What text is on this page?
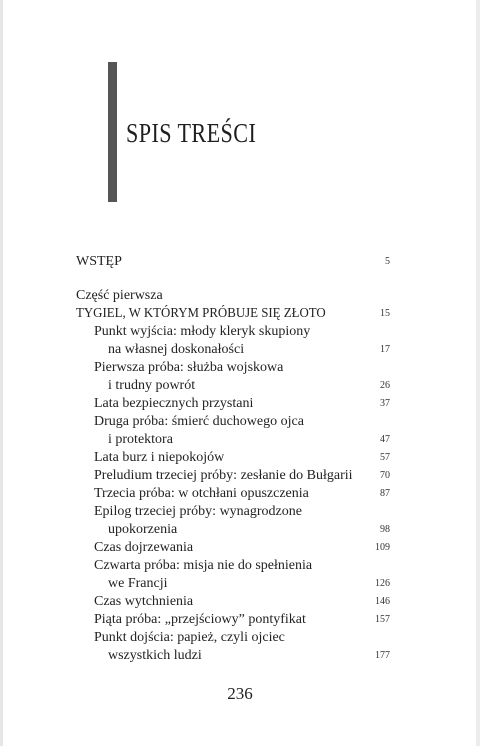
SPIS TREŚCI
WSTĘP	5
Część pierwsza
TYGIEL, W KTÓRYM PRÓBUJE SIĘ ZŁOTO	15
Punkt wyjścia: młody kleryk skupiony
na własnej doskonałości	17
Pierwsza próba: służba wojskowa
i trudny powrót	26
Lata bezpiecznych przystani	37
Druga próba: śmierć duchowego ojca
i protektora	47
Lata burz i niepokojów	57
Preludium trzeciej próby: zesłanie do Bułgarii	70
Trzecia próba: w otchłani opuszczenia	87
Epilog trzeciej próby: wynagrodzone
upokorzenia	98
Czas dojrzewania	109
Czwarta próba: misja nie do spełnienia
we Francji	126
Czas wytchnienia	146
Piąta próba: „przejściowy” pontyfikat	157
Punkt dojścia: papież, czyli ojciec
wszystkich ludzi	177
236
